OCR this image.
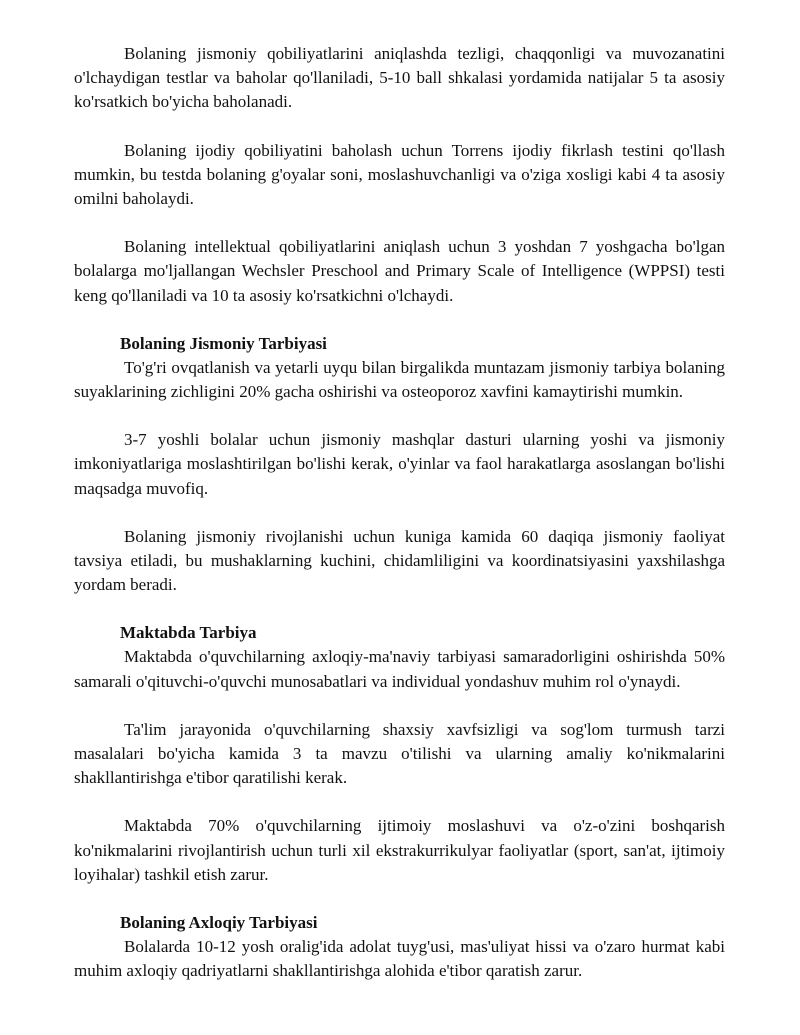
Bolaning jismoniy qobiliyatlarini aniqlashda tezligi, chaqqonligi va muvozanatini o'lchaydigan testlar va baholar qo'llaniladi, 5-10 ball shkalasi yordamida natijalar 5 ta asosiy ko'rsatkich bo'yicha baholanadi.

Bolaning ijodiy qobiliyatini baholash uchun Torrens ijodiy fikrlash testini qo'llash mumkin, bu testda bolaning g'oyalar soni, moslashuvchanligi va o'ziga xosligi kabi 4 ta asosiy omilni baholaydi.

Bolaning intellektual qobiliyatlarini aniqlash uchun 3 yoshdan 7 yoshgacha bo'lgan bolalarga mo'ljallangan Wechsler Preschool and Primary Scale of Intelligence (WPPSI) testi keng qo'llaniladi va 10 ta asosiy ko'rsatkichni o'lchaydi.

Bolaning Jismoniy Tarbiyasi

To'g'ri ovqatlanish va yetarli uyqu bilan birgalikda muntazam jismoniy tarbiya bolaning suyaklarining zichligini 20% gacha oshirishi va osteoporoz xavfini kamaytirishi mumkin.

3-7 yoshli bolalar uchun jismoniy mashqlar dasturi ularning yoshi va jismoniy imkoniyatlariga moslashtirilgan bo'lishi kerak, o'yinlar va faol harakatlarga asoslangan bo'lishi maqsadga muvofiq.

Bolaning jismoniy rivojlanishi uchun kuniga kamida 60 daqiqa jismoniy faoliyat tavsiya etiladi, bu mushaklarning kuchini, chidamliligini va koordinatsiyasini yaxshilashga yordam beradi.

Maktabda Tarbiya

Maktabda o'quvchilarning axloqiy-ma'naviy tarbiyasi samaradorligini oshirishda 50% samarali o'qituvchi-o'quvchi munosabatlari va individual yondashuv muhim rol o'ynaydi.

Ta'lim jarayonida o'quvchilarning shaxsiy xavfsizligi va sog'lom turmush tarzi masalalari bo'yicha kamida 3 ta mavzu o'tilishi va ularning amaliy ko'nikmalarini shakllantirishga e'tibor qaratilishi kerak.

Maktabda 70% o'quvchilarning ijtimoiy moslashuvi va o'z-o'zini boshqarish ko'nikmalarini rivojlantirish uchun turli xil ekstrakurrikulyar faoliyatlar (sport, san'at, ijtimoiy loyihalar) tashkil etish zarur.

Bolaning Axloqiy Tarbiyasi

Bolalarda 10-12 yosh oralig'ida adolat tuyg'usi, mas'uliyat hissi va o'zaro hurmat kabi muhim axloqiy qadriyatlarni shakllantirishga alohida e'tibor qaratish zarur.
